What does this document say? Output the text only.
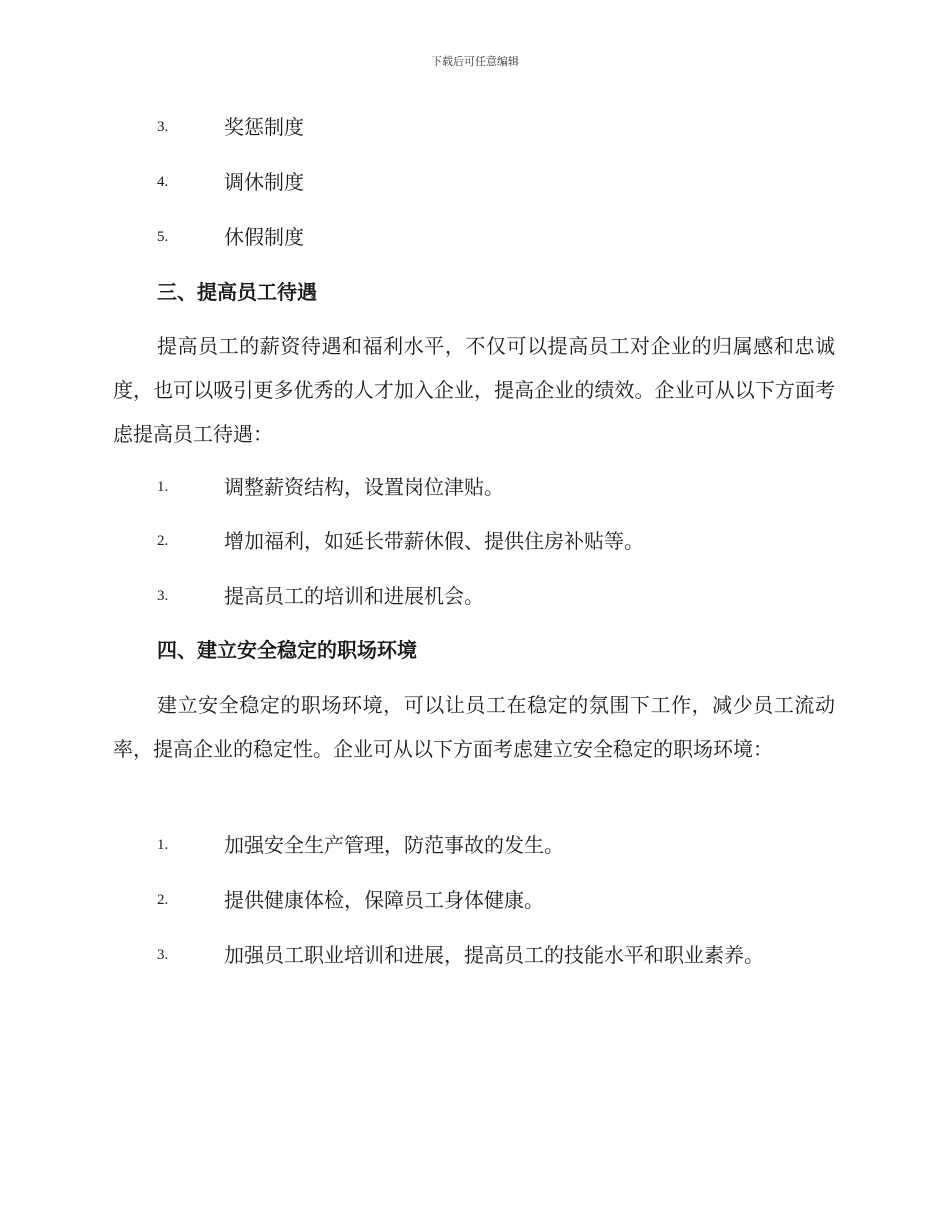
下载后可任意编辑
3.	奖惩制度
4.	调休制度
5.	休假制度
三、提高员工待遇
提高员工的薪资待遇和福利水平，不仅可以提高员工对企业的归属感和忠诚度，也可以吸引更多优秀的人才加入企业，提高企业的绩效。企业可从以下方面考虑提高员工待遇：
1.	调整薪资结构，设置岗位津贴。
2.	增加福利，如延长带薪休假、提供住房补贴等。
3.	提高员工的培训和进展机会。
四、建立安全稳定的职场环境
建立安全稳定的职场环境，可以让员工在稳定的氛围下工作，减少员工流动率，提高企业的稳定性。企业可从以下方面考虑建立安全稳定的职场环境：
1.	加强安全生产管理，防范事故的发生。
2.	提供健康体检，保障员工身体健康。
3.	加强员工职业培训和进展，提高员工的技能水平和职业素养。
